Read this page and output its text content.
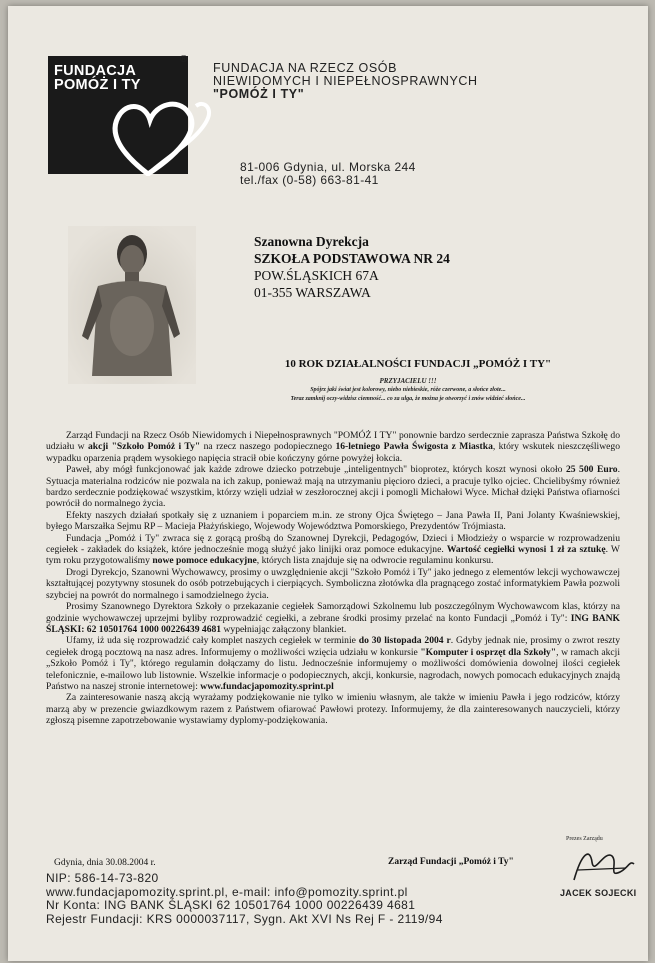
FUNDACJA
POMÓŻ I TY
®
FUNDACJA NA RZECZ OSÓB
NIEWIDOMYCH I NIEPEŁNOSPRAWNYCH
"POMÓŻ I TY"
81-006 Gdynia, ul. Morska 244
tel./fax (0-58) 663-81-41
Szanowna Dyrekcja
SZKOŁA PODSTAWOWA NR 24
POW.ŚLĄSKICH 67A
01-355 WARSZAWA
10 ROK DZIAŁALNOŚCI FUNDACJI „POMÓŻ I TY"
PRZYJACIELU !!!
Spójrz jaki świat jest kolorowy, niebo niebieskie, róże czerwone, a słońce złote...
Teraz zamknij oczy-widzisz ciemność... co za ulga, że można je otworzyć i znów widzieć słońce...

Zarząd Fundacji na Rzecz Osób Niewidomych i Niepełnosprawnych "POMÓŻ I TY" ponownie bardzo serdecznie zaprasza Państwa Szkołę do udziału w akcji "Szkoło Pomóż i Ty" na rzecz naszego podopiecznego 16-letniego Pawła Świgosta z Miastka, który wskutek nieszczęśliwego wypadku oparzenia prądem wysokiego napięcia stracił obie kończyny górne powyżej łokcia.

Paweł, aby mógł funkcjonować jak każde zdrowe dziecko potrzebuje „inteligentnych" bioprotez, których koszt wynosi około 25 500 Euro. Sytuacja materialna rodziców nie pozwala na ich zakup, ponieważ mają na utrzymaniu pięcioro dzieci, a pracuje tylko ojciec. Chcielibyśmy również bardzo serdecznie podziękować wszystkim, którzy wzięli udział w zeszłorocznej akcji i pomogli Michałowi Wyce. Michał dzięki Państwa ofiarności powrócił do normalnego życia.

Efekty naszych działań spotkały się z uznaniem i poparciem m.in. ze strony Ojca Świętego – Jana Pawła II, Pani Jolanty Kwaśniewskiej, byłego Marszałka Sejmu RP – Macieja Płażyńskiego, Wojewody Województwa Pomorskiego, Prezydentów Trójmiasta.

Fundacja „Pomóż i Ty" zwraca się z gorącą prośbą do Szanownej Dyrekcji, Pedagogów, Dzieci i Młodzieży o wsparcie w rozprowadzeniu cegiełek - zakładek do książek, które jednocześnie mogą służyć jako linijki oraz pomoce edukacyjne. Wartość cegiełki wynosi 1 zł za sztukę. W tym roku przygotowaliśmy nowe pomoce edukacyjne, których lista znajduje się na odwrocie regulaminu konkursu.

Drogi Dyrekcjo, Szanowni Wychowawcy, prosimy o uwzględnienie akcji "Szkoło Pomóż i Ty" jako jednego z elementów lekcji wychowawczej kształtującej pozytywny stosunek do osób potrzebujących i cierpiących. Symboliczna złotówka dla pragnącego zostać informatykiem Pawła pozwoli szybciej na powrót do normalnego i samodzielnego życia.

Prosimy Szanownego Dyrektora Szkoły o przekazanie cegiełek Samorządowi Szkolnemu lub poszczególnym Wychowawcom klas, którzy na godzinie wychowawczej uprzejmi byliby rozprowadzić cegiełki, a zebrane środki prosimy przelać na konto Fundacji „Pomóż i Ty": ING BANK ŚLĄSKI: 62 10501764 1000 00226439 4681 wypełniając załączony blankiet.

Ufamy, iż uda się rozprowadzić cały komplet naszych cegiełek w terminie do 30 listopada 2004 r. Gdyby jednak nie, prosimy o zwrot reszty cegiełek drogą pocztową na nasz adres. Informujemy o możliwości wzięcia udziału w konkursie "Komputer i osprzęt dla Szkoły", w ramach akcji „Szkoło Pomóż i Ty", którego regulamin dołączamy do listu. Jednocześnie informujemy o możliwości domówienia dowolnej ilości cegiełek telefonicznie, e-mailowo lub listownie. Wszelkie informacje o podopiecznych, akcji, konkursie, nagrodach, nowych pomocach edukacyjnych znajdą Państwo na naszej stronie internetowej: www.fundacjapomozity.sprint.pl

Za zainteresowanie naszą akcją wyrażamy podziękowanie nie tylko w imieniu własnym, ale także w imieniu Pawła i jego rodziców, którzy marzą aby w prezencie gwiazdkowym razem z Państwem ofiarować Pawłowi protezy. Informujemy, że dla zainteresowanych nauczycieli, którzy zgłoszą pisemne zapotrzebowanie wystawiamy dyplomy-podziękowania.

Gdynia, dnia 30.08.2004 r.	Zarząd Fundacji „Pomóż i Ty"
Prezes Zarządu
JACEK SOJECKI
NIP: 586-14-73-820
www.fundacjapomozity.sprint.pl, e-mail: info@pomozity.sprint.pl
Nr Konta: ING BANK ŚLĄSKI 62 10501764 1000 00226439 4681
Rejestr Fundacji: KRS 0000037117, Sygn. Akt XVI Ns Rej F - 2119/94
